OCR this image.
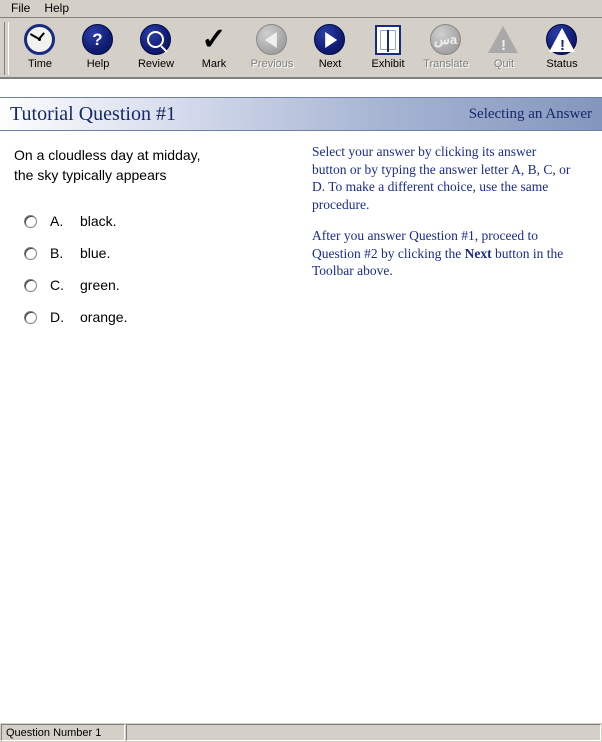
File	Help
Time
?
Help	Review
✓
Mark Previous Next	Exhibit
سa
Translate
!
Quit
!
Status
Tutorial Question #1	Selecting an Answer
On a cloudless day at midday,
the sky typically appears
A.	black.
B.	blue.
C.	green.
D.	orange.

Select your answer by clicking its answer button or by typing the answer letter A, B, C, or D. To make a different choice, use the same procedure.

After you answer Question #1, proceed to Question #2 by clicking the Next button in the Toolbar above.

Question Number 1
